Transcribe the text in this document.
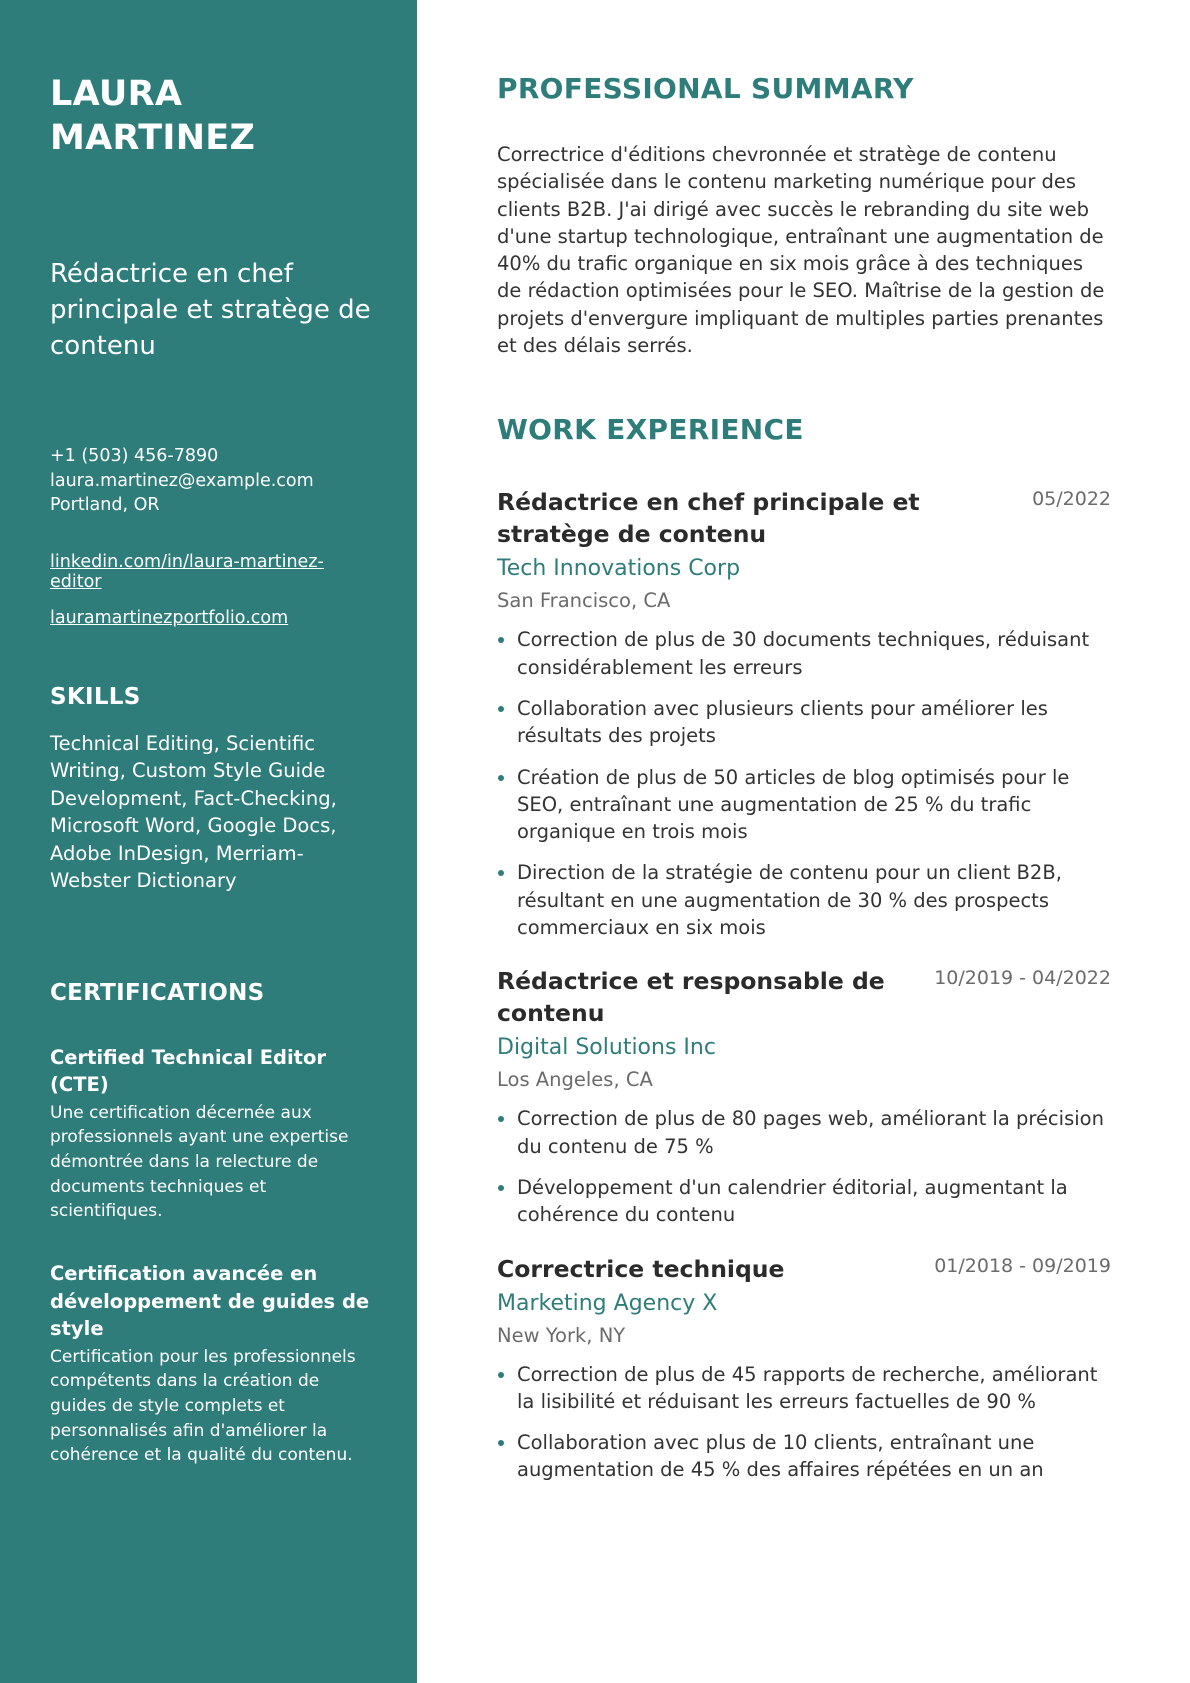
LAURA MARTINEZ
Rédactrice en chef principale et stratège de contenu
+1 (503) 456-7890
laura.martinez@example.com
Portland, OR
linkedin.com/in/laura-martinez-editor
lauramartinezportfolio.com
SKILLS
Technical Editing, Scientific Writing, Custom Style Guide Development, Fact-Checking, Microsoft Word, Google Docs, Adobe InDesign, Merriam-Webster Dictionary
CERTIFICATIONS
Certified Technical Editor (CTE)
Une certification décernée aux professionnels ayant une expertise démontrée dans la relecture de documents techniques et scientifiques.
Certification avancée en développement de guides de style
Certification pour les professionnels compétents dans la création de guides de style complets et personnalisés afin d'améliorer la cohérence et la qualité du contenu.
PROFESSIONAL SUMMARY

Correctrice d'éditions chevronnée et stratège de contenu spécialisée dans le contenu marketing numérique pour des clients B2B. J'ai dirigé avec succès le rebranding du site web d'une startup technologique, entraînant une augmentation de 40% du trafic organique en six mois grâce à des techniques de rédaction optimisées pour le SEO. Maîtrise de la gestion de projets d'envergure impliquant de multiples parties prenantes et des délais serrés.

WORK EXPERIENCE
Rédactrice en chef principale et stratège de contenu
05/2022
Tech Innovations Corp
San Francisco, CA
Correction de plus de 30 documents techniques, réduisant considérablement les erreurs
Collaboration avec plusieurs clients pour améliorer les résultats des projets
Création de plus de 50 articles de blog optimisés pour le SEO, entraînant une augmentation de 25 % du trafic organique en trois mois
Direction de la stratégie de contenu pour un client B2B, résultant en une augmentation de 30 % des prospects commerciaux en six mois
Rédactrice et responsable de contenu
10/2019 - 04/2022
Digital Solutions Inc
Los Angeles, CA
Correction de plus de 80 pages web, améliorant la précision du contenu de 75 %
Développement d'un calendrier éditorial, augmentant la cohérence du contenu
Correctrice technique	01/2018 - 09/2019
Marketing Agency X
New York, NY
Correction de plus de 45 rapports de recherche, améliorant la lisibilité et réduisant les erreurs factuelles de 90 %
Collaboration avec plus de 10 clients, entraînant une augmentation de 45 % des affaires répétées en un an
